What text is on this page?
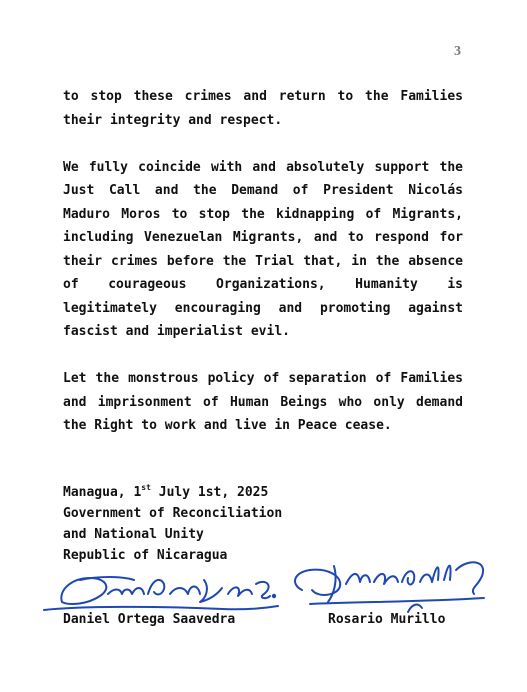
3

to stop these crimes and return to the Families their integrity and respect.

We fully coincide with and absolutely support the Just Call and the Demand of President Nicolás Maduro Moros to stop the kidnapping of Migrants, including Venezuelan Migrants, and to respond for their crimes before the Trial that, in the absence of courageous Organizations, Humanity is legitimately encouraging and promoting against fascist and imperialist evil.

Let the monstrous policy of separation of Families and imprisonment of Human Beings who only demand the Right to work and live in Peace cease.

Managua, 1st July 1st, 2025
Government of Reconciliation
and National Unity
Republic of Nicaragua
Daniel Ortega Saavedra	Rosario Murillo
